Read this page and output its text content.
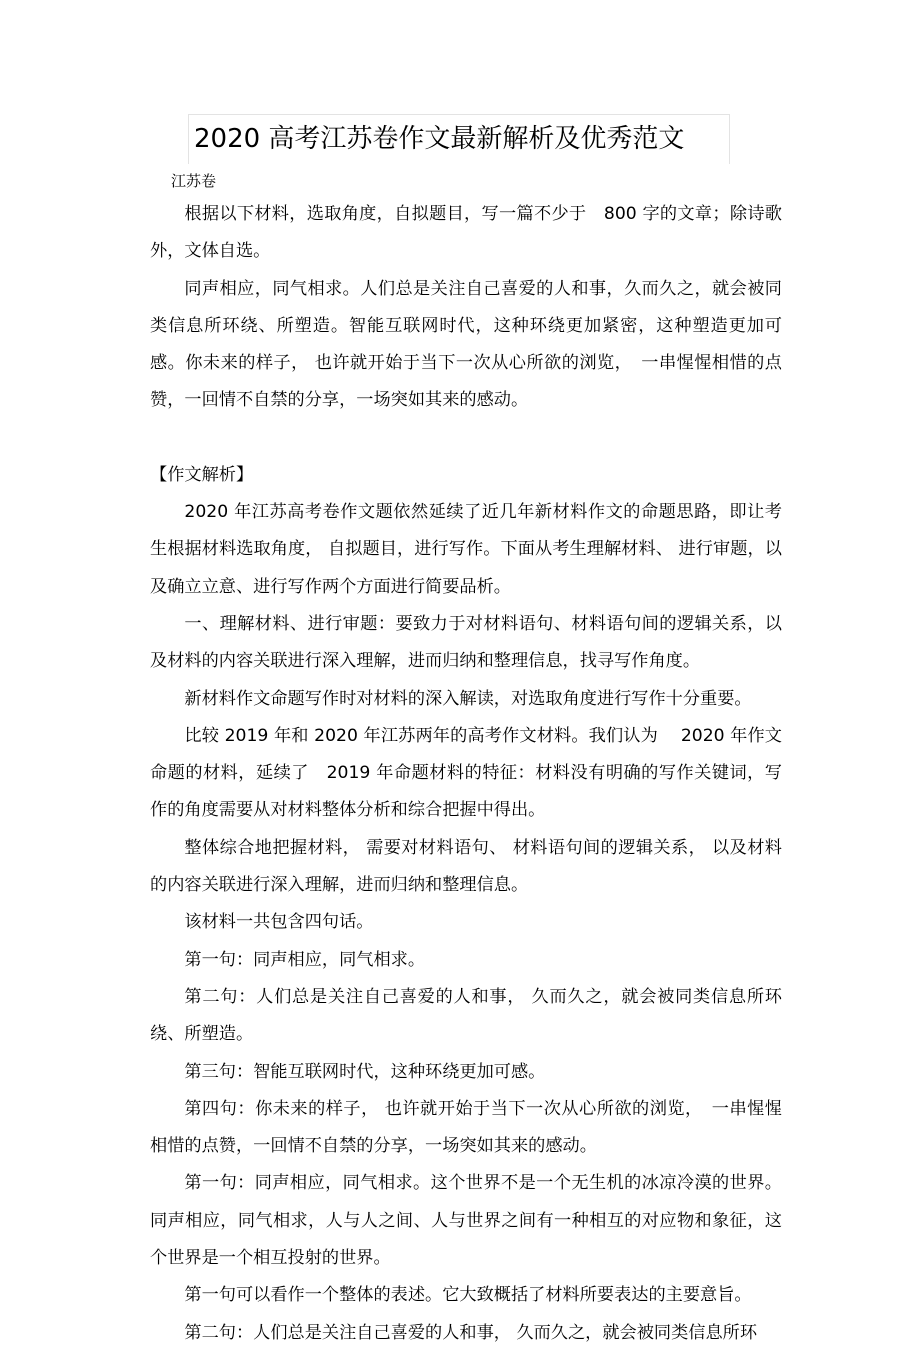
2020 高考江苏卷作文最新解析及优秀范文
江苏卷

根据以下材料，选取角度，自拟题目，写一篇不少于　800 字的文章；除诗歌外，文体自选。

同声相应，同气相求。人们总是关注自己喜爱的人和事，久而久之，就会被同类信息所环绕、所塑造。智能互联网时代，这种环绕更加紧密，这种塑造更加可感。你未来的样子， 也许就开始于当下一次从心所欲的浏览，　一串惺惺相惜的点赞，一回情不自禁的分享，一场突如其来的感动。

【作文解析】

2020 年江苏高考卷作文题依然延续了近几年新材料作文的命题思路，即让考生根据材料选取角度， 自拟题目，进行写作。下面从考生理解材料、 进行审题，以及确立立意、进行写作两个方面进行简要品析。

一、理解材料、进行审题：要致力于对材料语句、材料语句间的逻辑关系，以及材料的内容关联进行深入理解，进而归纳和整理信息，找寻写作角度。

新材料作文命题写作时对材料的深入解读，对选取角度进行写作十分重要。

比较 2019 年和 2020 年江苏两年的高考作文材料。我们认为　 2020 年作文命题的材料，延续了　2019 年命题材料的特征：材料没有明确的写作关键词，写作的角度需要从对材料整体分析和综合把握中得出。

整体综合地把握材料， 需要对材料语句、 材料语句间的逻辑关系， 以及材料的内容关联进行深入理解，进而归纳和整理信息。

该材料一共包含四句话。

第一句：同声相应，同气相求。

第二句：人们总是关注自己喜爱的人和事， 久而久之，就会被同类信息所环绕、所塑造。

第三句：智能互联网时代，这种环绕更加可感。

第四句：你未来的样子， 也许就开始于当下一次从心所欲的浏览，　一串惺惺相惜的点赞，一回情不自禁的分享，一场突如其来的感动。

第一句：同声相应，同气相求。这个世界不是一个无生机的冰凉冷漠的世界。同声相应，同气相求，人与人之间、人与世界之间有一种相互的对应物和象征，这个世界是一个相互投射的世界。

第一句可以看作一个整体的表述。它大致概括了材料所要表达的主要意旨。

第二句：人们总是关注自己喜爱的人和事， 久而久之，就会被同类信息所环
